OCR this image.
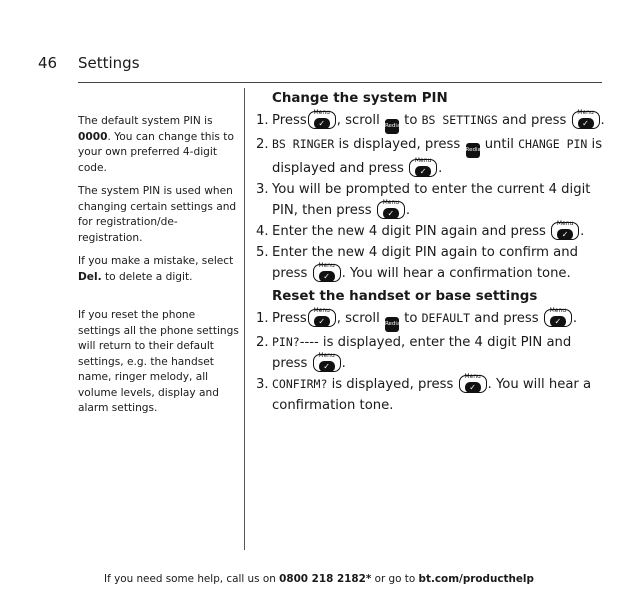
46 Settings

The default system PIN is 0000. You can change this to your own preferred 4-digit code.

The system PIN is used when changing certain settings and for registration/de-registration.

If you make a mistake, select Del. to delete a digit.

If you reset the phone settings all the phone settings will return to their default settings, e.g. the handset name, ringer melody, all volume levels, display and alarm settings.

Change the system PIN
1. Press
Menu
✓ , scroll Redial to BS SETTINGS and press
Menu
✓ .
2. BS RINGER is displayed, press Redial until CHANGE PIN is displayed and press
Menu
✓ .
3. You will be prompted to enter the current 4 digit PIN, then press
Menu
✓ .
4. Enter the new 4 digit PIN again and press
Menu
✓ .
5. Enter the new 4 digit PIN again to confirm and press
Menu
✓ . You will hear a confirmation tone.
Reset the handset or base settings
1. Press
Menu
✓ , scroll Redial to DEFAULT and press
Menu
✓ .
2. PIN?---- is displayed, enter the 4 digit PIN and press
Menu
✓ .
3. CONFIRM? is displayed, press
Menu
✓ . You will hear a confirmation tone.
If you need some help, call us on 0800 218 2182* or go to bt.com/producthelp
